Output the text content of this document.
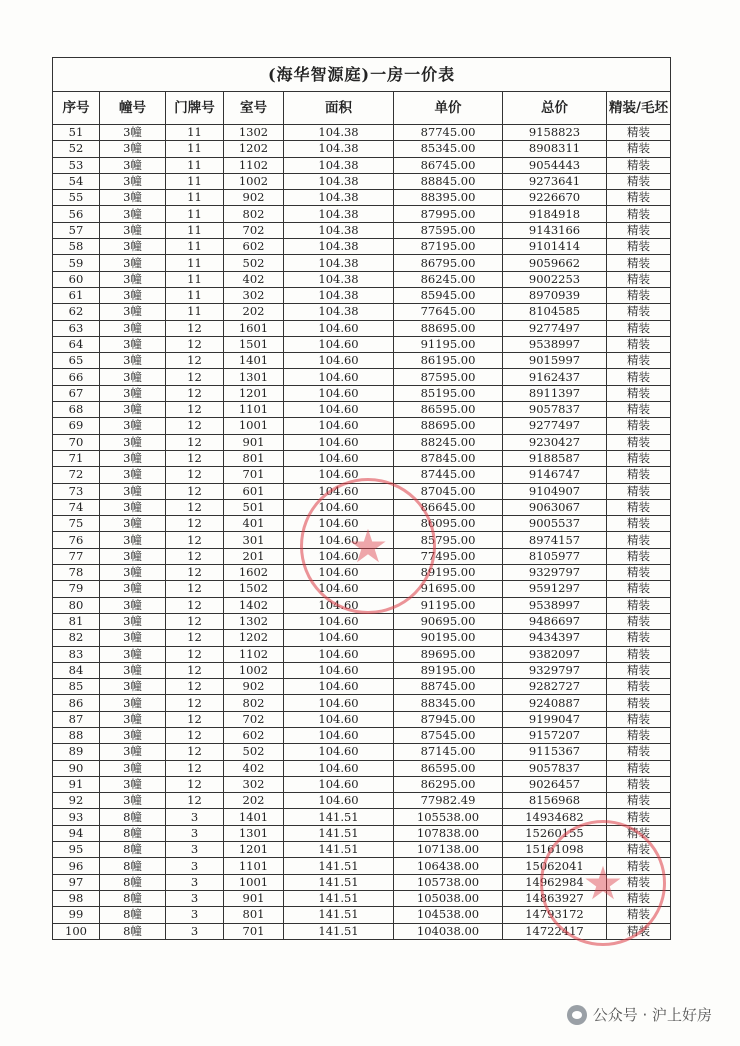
(海华智源庭)一房一价表							
序号	幢号	门牌号	室号	面积	单价	总价	精装/毛坯
51	3幢	11	1302	104.38	87745.00	9158823	精装
52	3幢	11	1202	104.38	85345.00	8908311	精装
53	3幢	11	1102	104.38	86745.00	9054443	精装
54	3幢	11	1002	104.38	88845.00	9273641	精装
55	3幢	11	902	104.38	88395.00	9226670	精装
56	3幢	11	802	104.38	87995.00	9184918	精装
57	3幢	11	702	104.38	87595.00	9143166	精装
58	3幢	11	602	104.38	87195.00	9101414	精装
59	3幢	11	502	104.38	86795.00	9059662	精装
60	3幢	11	402	104.38	86245.00	9002253	精装
61	3幢	11	302	104.38	85945.00	8970939	精装
62	3幢	11	202	104.38	77645.00	8104585	精装
63	3幢	12	1601	104.60	88695.00	9277497	精装
64	3幢	12	1501	104.60	91195.00	9538997	精装
65	3幢	12	1401	104.60	86195.00	9015997	精装
66	3幢	12	1301	104.60	87595.00	9162437	精装
67	3幢	12	1201	104.60	85195.00	8911397	精装
68	3幢	12	1101	104.60	86595.00	9057837	精装
69	3幢	12	1001	104.60	88695.00	9277497	精装
70	3幢	12	901	104.60	88245.00	9230427	精装
71	3幢	12	801	104.60	87845.00	9188587	精装
72	3幢	12	701	104.60	87445.00	9146747	精装
73	3幢	12	601	104.60	87045.00	9104907	精装
74	3幢	12	501	104.60	86645.00	9063067	精装
75	3幢	12	401	104.60	86095.00	9005537	精装
76	3幢	12	301	104.60	85795.00	8974157	精装
77	3幢	12	201	104.60	77495.00	8105977	精装
78	3幢	12	1602	104.60	89195.00	9329797	精装
79	3幢	12	1502	104.60	91695.00	9591297	精装
80	3幢	12	1402	104.60	91195.00	9538997	精装
81	3幢	12	1302	104.60	90695.00	9486697	精装
82	3幢	12	1202	104.60	90195.00	9434397	精装
83	3幢	12	1102	104.60	89695.00	9382097	精装
84	3幢	12	1002	104.60	89195.00	9329797	精装
85	3幢	12	902	104.60	88745.00	9282727	精装
86	3幢	12	802	104.60	88345.00	9240887	精装
87	3幢	12	702	104.60	87945.00	9199047	精装
88	3幢	12	602	104.60	87545.00	9157207	精装
89	3幢	12	502	104.60	87145.00	9115367	精装
90	3幢	12	402	104.60	86595.00	9057837	精装
91	3幢	12	302	104.60	86295.00	9026457	精装
92	3幢	12	202	104.60	77982.49	8156968	精装
93	8幢	3	1401	141.51	105538.00	14934682	精装
94	8幢	3	1301	141.51	107838.00	15260155	精装
95	8幢	3	1201	141.51	107138.00	15161098	精装
96	8幢	3	1101	141.51	106438.00	15062041	精装
97	8幢	3	1001	141.51	105738.00	14962984	精装
98	8幢	3	901	141.51	105038.00	14863927	精装
99	8幢	3	801	141.51	104538.00	14793172	精装
100	8幢	3	701	141.51	104038.00	14722417	精装
★
★
公众号 · 沪上好房
